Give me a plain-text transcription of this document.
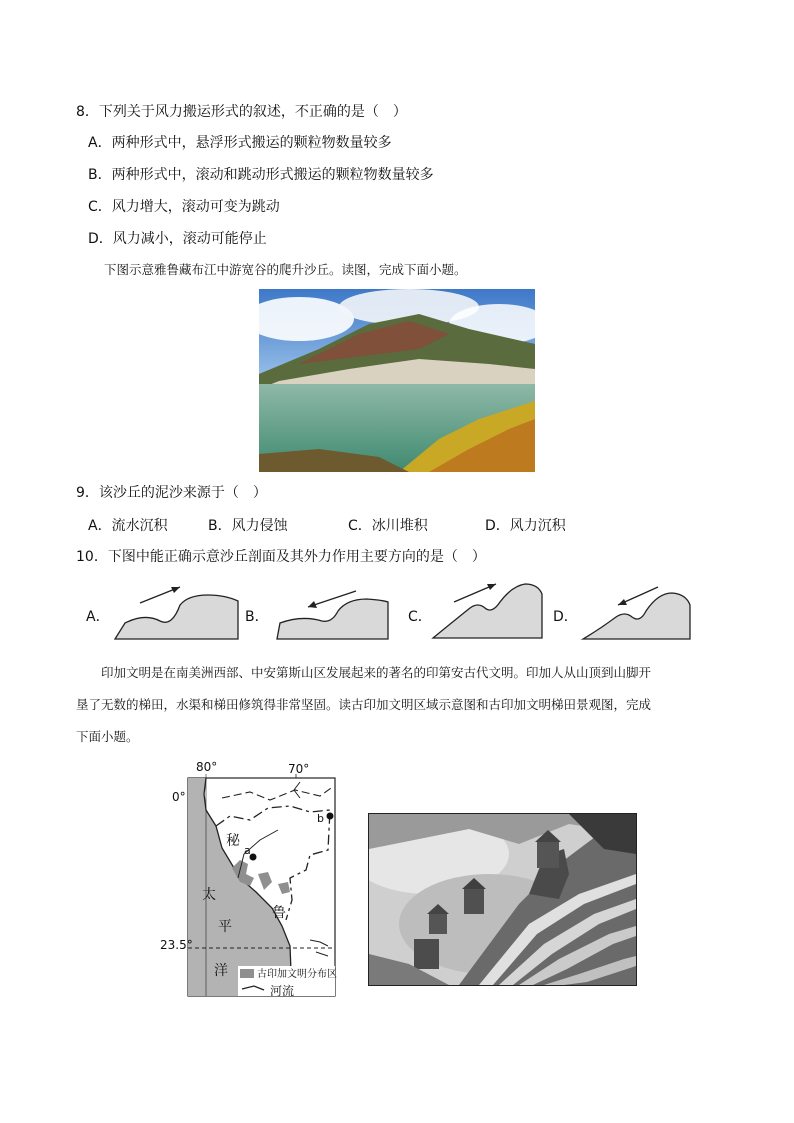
8．下列关于风力搬运形式的叙述，不正确的是（　）
A．两种形式中，悬浮形式搬运的颗粒物数量较多
B．两种形式中，滚动和跳动形式搬运的颗粒物数量较多
C．风力增大，滚动可变为跳动
D．风力减小，滚动可能停止
下图示意雅鲁藏布江中游宽谷的爬升沙丘。读图，完成下面小题。
9．该沙丘的泥沙来源于（　）
A．流水沉积	B．风力侵蚀	C．冰川堆积	D．风力沉积
10．下图中能正确示意沙丘剖面及其外力作用主要方向的是（　）
A．	B．	C．	D．
印加文明是在南美洲西部、中安第斯山区发展起来的著名的印第安古代文明。印加人从山顶到山脚开
垦了无数的梯田，水渠和梯田修筑得非常坚固。读古印加文明区域示意图和古印加文明梯田景观图，完成
下面小题。
80°	70°
0°
23.5°
a
b
秘
鲁
太
平
洋	古印加文明分布区
河流
